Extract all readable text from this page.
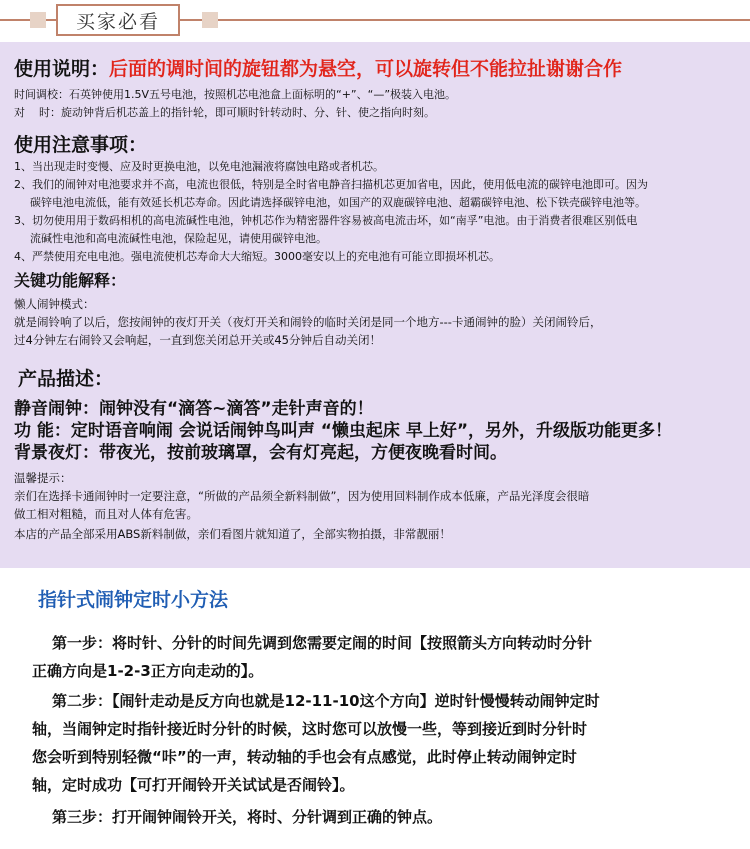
买家必看
使用说明：后面的调时间的旋钮都为悬空，可以旋转但不能拉扯谢谢合作
时间调校：石英钟使用1.5V五号电池，按照机芯电池盒上面标明的“+”、“—”极装入电池。
对    时：旋动钟背后机芯盖上的指针轮，即可顺时针转动时、分、针、使之指向时刻。
使用注意事项：
1、当出现走时变慢、应及时更换电池，以免电池漏液将腐蚀电路或者机芯。
2、我们的闹钟对电池要求并不高，电流也很低，特别是全时省电静音扫描机芯更加省电，因此，使用低电流的碳锌电池即可。因为
碳锌电池电流低，能有效延长机芯寿命。因此请选择碳锌电池，如国产的双鹿碳锌电池、超霸碳锌电池、松下铁壳碳锌电池等。
3、切勿使用用于数码相机的高电流碱性电池，钟机芯作为精密器件容易被高电流击坏，如“南孚”电池。由于消费者很难区别低电
流碱性电池和高电流碱性电池，保险起见，请使用碳锌电池。
4、严禁使用充电电池。强电流使机芯寿命大大缩短。3000毫安以上的充电池有可能立即损坏机芯。
关键功能解释：
懒人闹钟模式：
就是闹铃响了以后，您按闹钟的夜灯开关（夜灯开关和闹铃的临时关闭是同一个地方---卡通闹钟的脸）关闭闹铃后，
过4分钟左右闹铃又会响起，一直到您关闭总开关或45分钟后自动关闭！
产品描述：
静音闹钟：闹钟没有“滴答~滴答”走针声音的！
功 能：定时语音响闹 会说话闹钟鸟叫声 “懒虫起床 早上好”，另外，升级版功能更多！
背景夜灯：带夜光，按前玻璃罩，会有灯亮起，方便夜晚看时间。
温馨提示：
亲们在选择卡通闹钟时一定要注意，“所做的产品须全新料制做”，因为使用回料制作成本低廉，产品光泽度会很暗
做工相对粗糙，而且对人体有危害。
本店的产品全部采用ABS新料制做，亲们看图片就知道了，全部实物拍摄，非常靓丽！
指针式闹钟定时小方法
第一步：将时针、分针的时间先调到您需要定闹的时间【按照箭头方向转动时分针
正确方向是1-2-3正方向走动的】。
第二步：【闹针走动是反方向也就是12-11-10这个方向】逆时针慢慢转动闹钟定时
轴，当闹钟定时指针接近时分针的时候，这时您可以放慢一些，等到接近到时分针时
您会听到特别轻微“咔”的一声，转动轴的手也会有点感觉，此时停止转动闹钟定时
轴，定时成功【可打开闹铃开关试试是否闹铃】。
第三步：打开闹钟闹铃开关，将时、分针调到正确的钟点。
